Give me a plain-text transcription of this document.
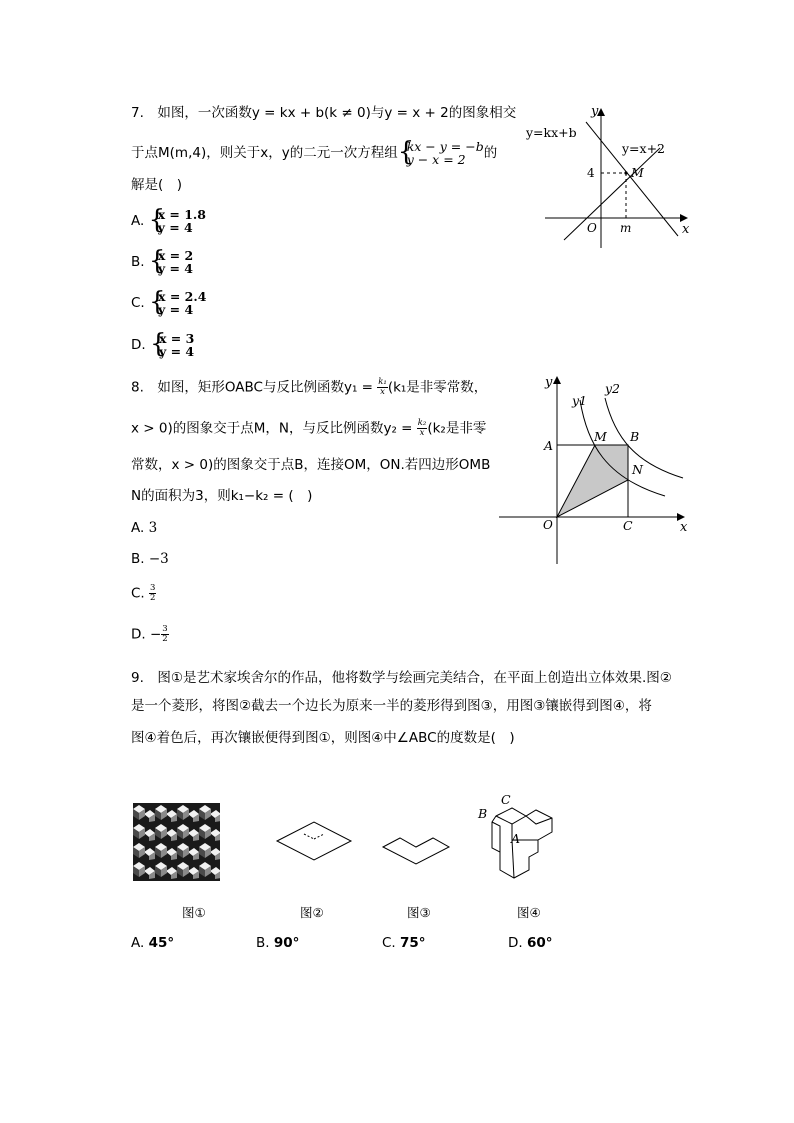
7.　如图，一次函数y = kx + b(k ≠ 0)与y = x + 2的图象相交
于点M(m,4)，则关于x，y的二元一次方程组 { kx − y = −b
y − x = 2	的
解是(　)
A. { x = 1.8
y = 4
B. { x = 2
y = 4
C. { x = 2.4
y = 4
D. { x = 3
y = 4
y
x
O
y=kx+b
y=x+2
M
4
m
8.　如图，矩形OABC与反比例函数$y_1 = \frac{\text{k₁}}{x} (k_1$是非零常数，
x > 0)的图象交于点M，N，与反比例函数$y_2 = \frac{\text{k₂}}{x} (k_2$是非零
常数，x > 0)的图象交于点B，连接OM，ON.若四边形OMB
N的面积为3，则k₁−k₂ = (　)
A. 3
B. −3
C. $\frac{3}{2}$
D. − $\frac{3}{2}$
y
x
O
A
B
C
M
N
y1
y2
9.　图①是艺术家埃舍尔的作品，他将数学与绘画完美结合，在平面上创造出立体效果.图②
是一个菱形，将图②截去一个边长为原来一半的菱形得到图③，用图③镶嵌得到图④，将
图④着色后，再次镶嵌便得到图①，则图④中∠ABC的度数是(　)
B
C
A
图①	图②	图③	图④
A. 45°	B. 90°	C. 75°	D. 60°
